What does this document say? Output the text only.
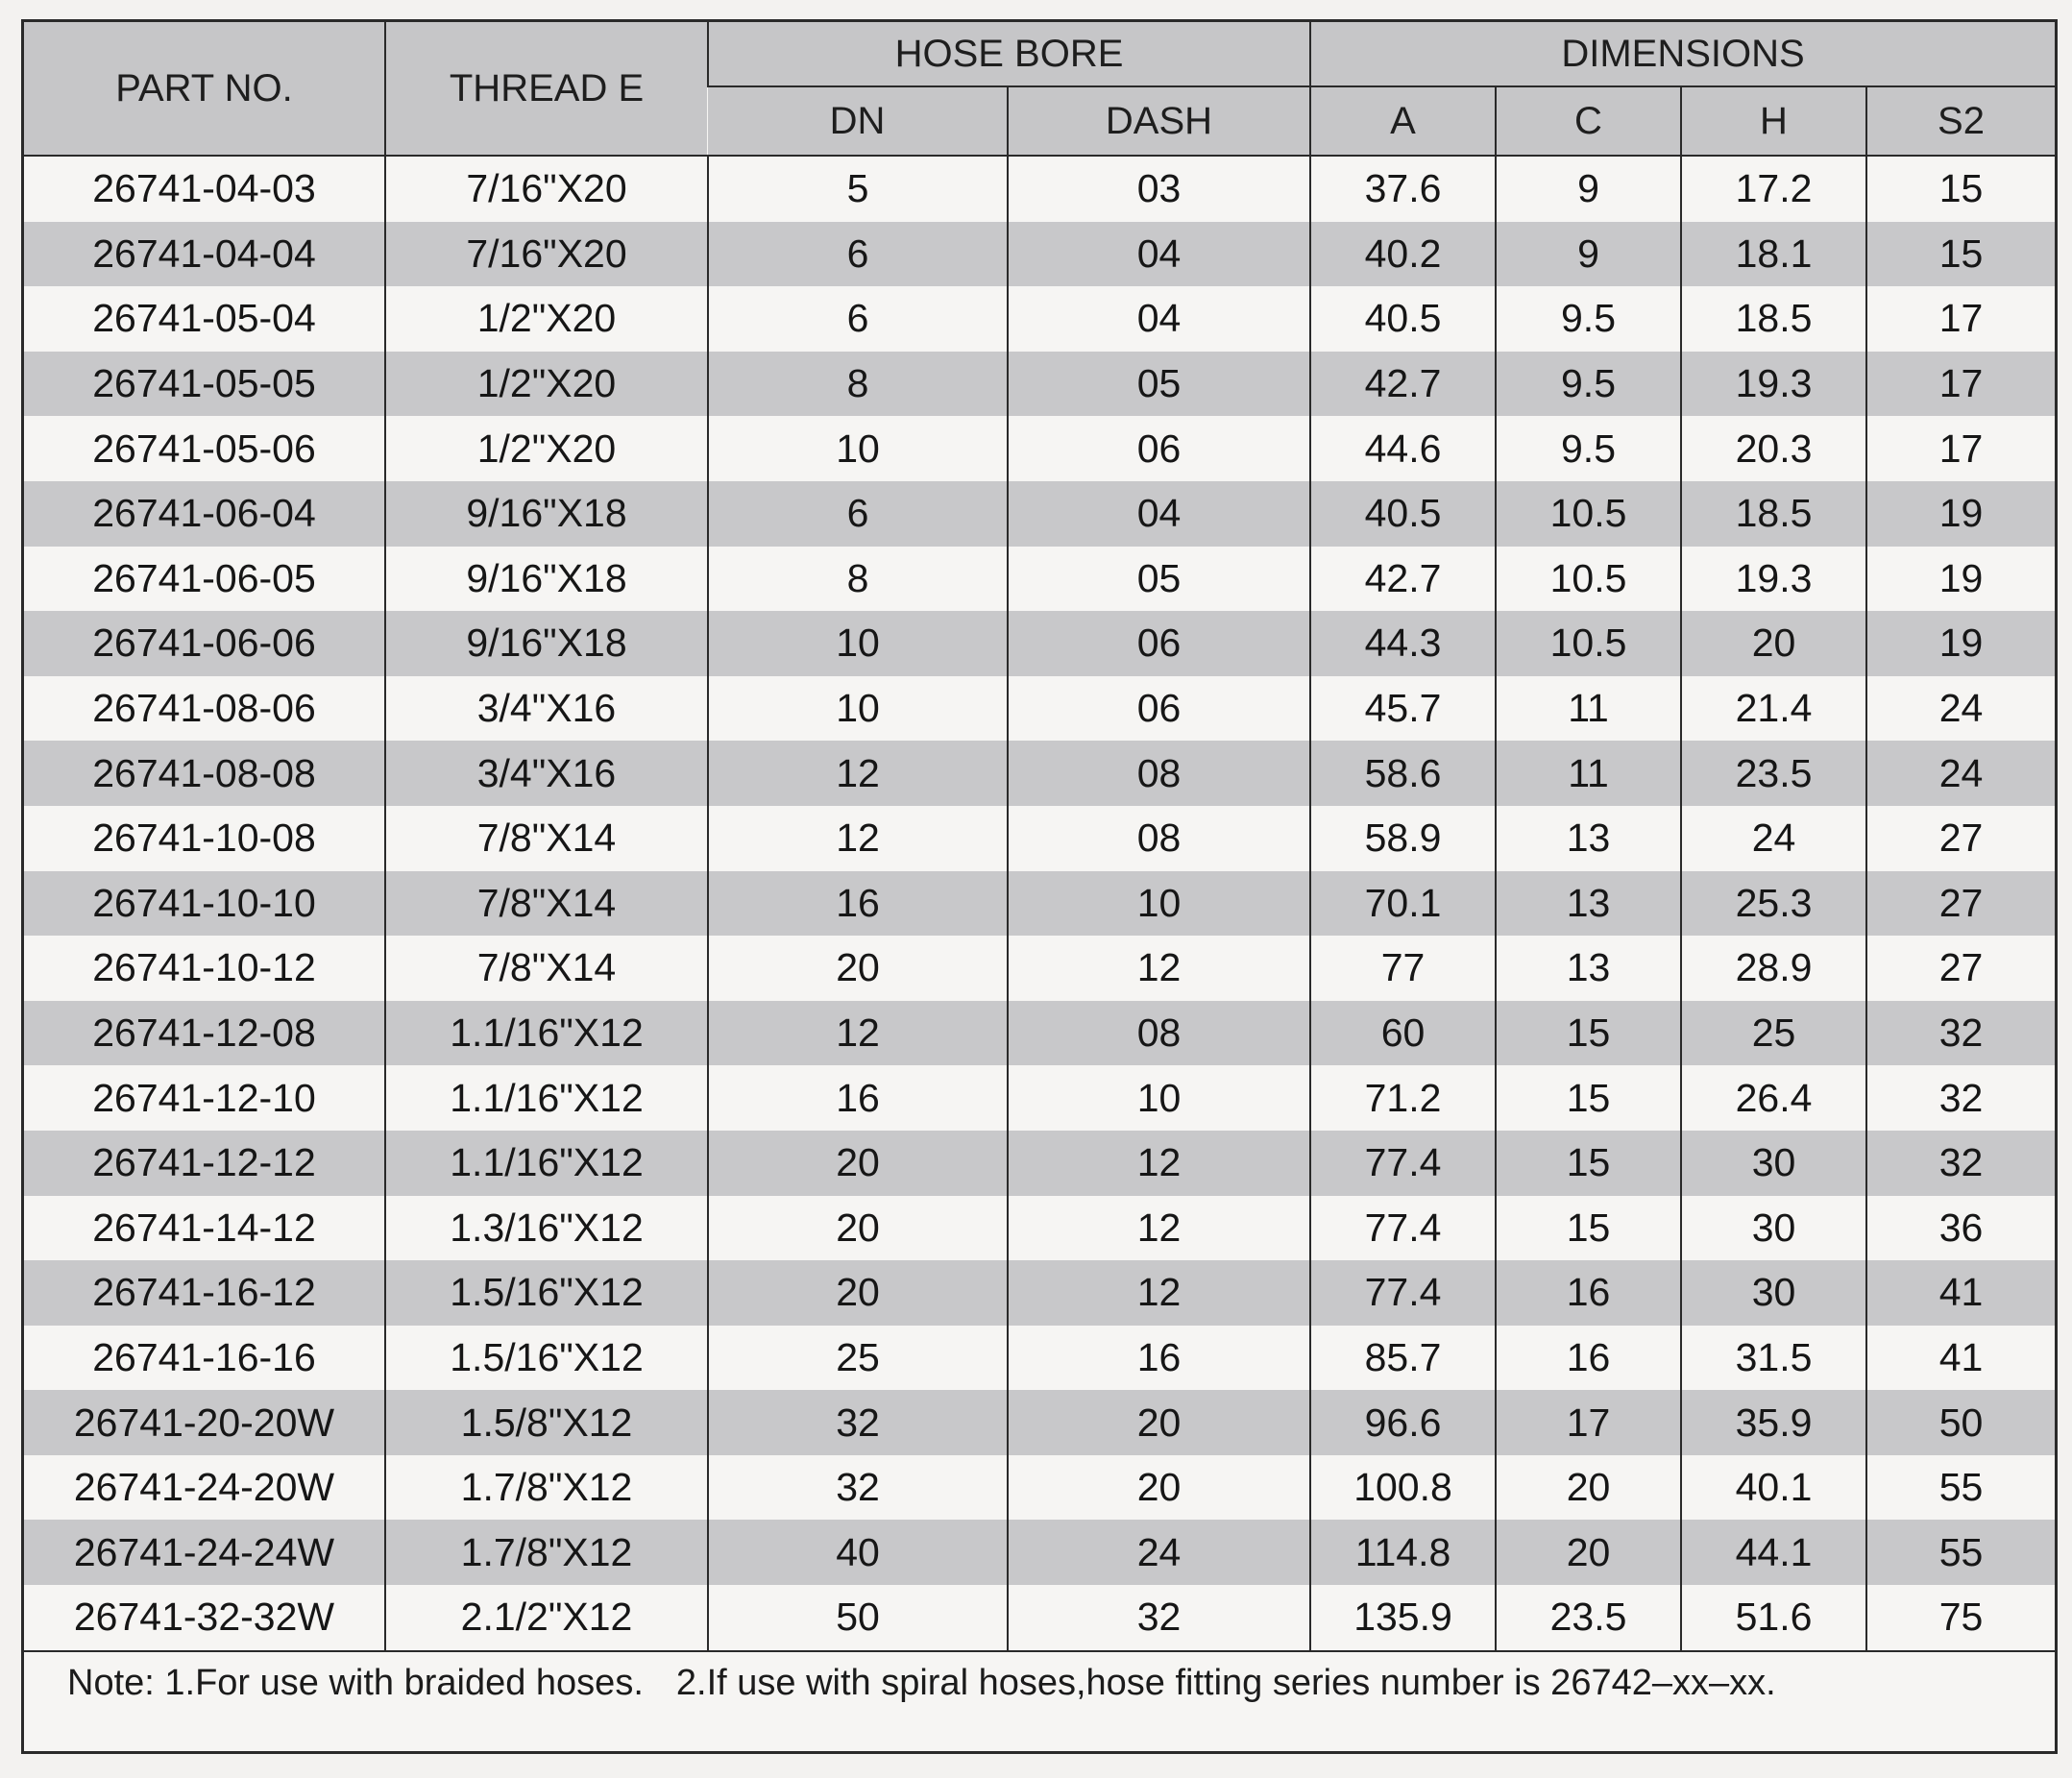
PART NO.	THREAD E	HOSE BORE		DIMENSIONS			
		DN	DASH	A	C	H	S2
26741-04-03	7/16"X20	5	03	37.6	9	17.2	15
26741-04-04	7/16"X20	6	04	40.2	9	18.1	15
26741-05-04	1/2"X20	6	04	40.5	9.5	18.5	17
26741-05-05	1/2"X20	8	05	42.7	9.5	19.3	17
26741-05-06	1/2"X20	10	06	44.6	9.5	20.3	17
26741-06-04	9/16"X18	6	04	40.5	10.5	18.5	19
26741-06-05	9/16"X18	8	05	42.7	10.5	19.3	19
26741-06-06	9/16"X18	10	06	44.3	10.5	20	19
26741-08-06	3/4"X16	10	06	45.7	11	21.4	24
26741-08-08	3/4"X16	12	08	58.6	11	23.5	24
26741-10-08	7/8"X14	12	08	58.9	13	24	27
26741-10-10	7/8"X14	16	10	70.1	13	25.3	27
26741-10-12	7/8"X14	20	12	77	13	28.9	27
26741-12-08	1.1/16"X12	12	08	60	15	25	32
26741-12-10	1.1/16"X12	16	10	71.2	15	26.4	32
26741-12-12	1.1/16"X12	20	12	77.4	15	30	32
26741-14-12	1.3/16"X12	20	12	77.4	15	30	36
26741-16-12	1.5/16"X12	20	12	77.4	16	30	41
26741-16-16	1.5/16"X12	25	16	85.7	16	31.5	41
26741-20-20W	1.5/8"X12	32	20	96.6	17	35.9	50
26741-24-20W	1.7/8"X12	32	20	100.8	20	40.1	55
26741-24-24W	1.7/8"X12	40	24	114.8	20	44.1	55
26741-32-32W	2.1/2"X12	50	32	135.9	23.5	51.6	75
Note: 1.For use with braided hoses. 2.If use with spiral hoses,hose fitting series number is 26742–xx–xx.
